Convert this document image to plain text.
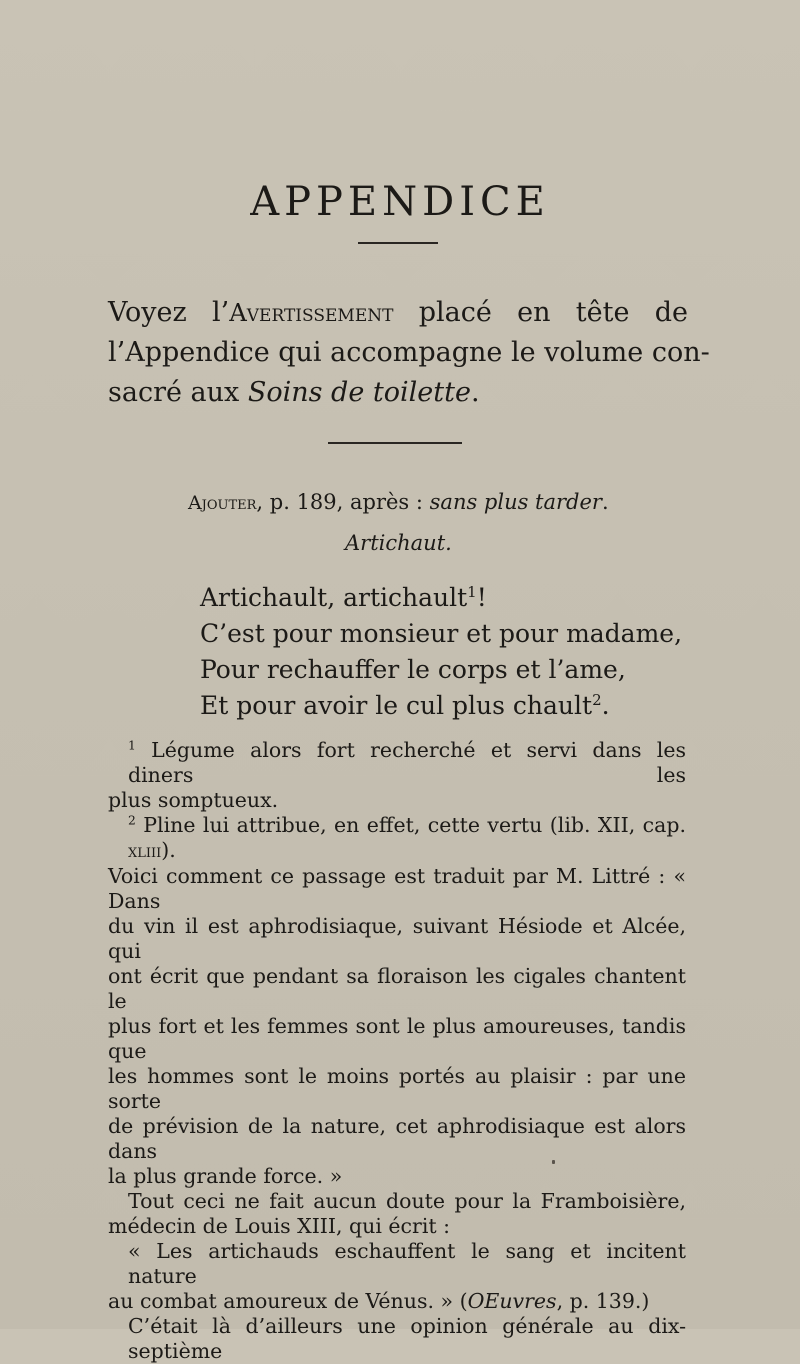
APPENDICE
Voyez l’Avertissement placé en tête de
l’Appendice qui accompagne le volume con-
sacré aux Soins de toilette.
Ajouter, p. 189, après : sans plus tarder.
Artichaut.
Artichault, artichault$^1$!
C’est pour monsieur et pour madame,
Pour rechauffer le corps et l’ame,
Et pour avoir le cul plus chault$^2$.
$^1$ Légume alors fort recherché et servi dans les diners les
plus somptueux.
$^2$ Pline lui attribue, en effet, cette vertu (lib. XII, cap. xliii).
Voici comment ce passage est traduit par M. Littré : « Dans
du vin il est aphrodisiaque, suivant Hésiode et Alcée, qui
ont écrit que pendant sa floraison les cigales chantent le
plus fort et les femmes sont le plus amoureuses, tandis que
les hommes sont le moins portés au plaisir : par une sorte
de prévision de la nature, cet aphrodisiaque est alors dans
la plus grande force. »
Tout ceci ne fait aucun doute pour la Framboisière,
médecin de Louis XIII, qui écrit :
« Les artichauds eschauffent le sang et incitent nature
au combat amoureux de Vénus. » (OEuvres, p. 139.)
C’était là d’ailleurs une opinion générale au dix-septième
